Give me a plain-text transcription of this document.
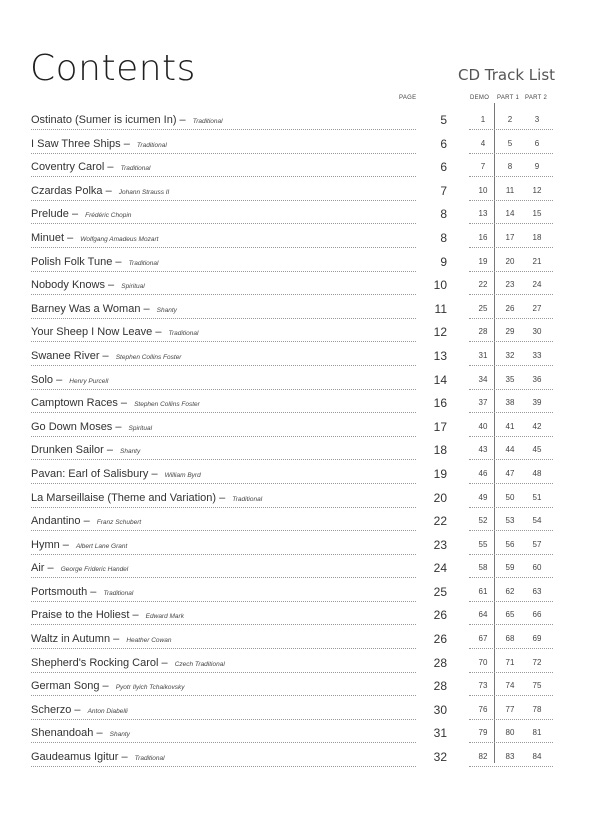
Contents	CD Track List
PAGE	DEMO PART 1 PART 2
Ostinato (Sumer is icumen In) – Traditional	5	1	2	3
I Saw Three Ships – Traditional	6	4	5	6
Coventry Carol – Traditional	6	7	8	9
Czardas Polka – Johann Strauss II	7	10	11	12
Prelude – Frédéric Chopin	8	13	14	15
Minuet – Wolfgang Amadeus Mozart	8	16	17	18
Polish Folk Tune – Traditional	9	19	20	21
Nobody Knows – Spiritual	10	22	23	24
Barney Was a Woman – Shanty	11	25	26	27
Your Sheep I Now Leave – Traditional	12	28	29	30
Swanee River – Stephen Collins Foster	13	31	32	33
Solo – Henry Purcell	14	34	35	36
Camptown Races – Stephen Collins Foster	16	37	38	39
Go Down Moses – Spiritual	17	40	41	42
Drunken Sailor – Shanty	18	43	44	45
Pavan: Earl of Salisbury – William Byrd	19	46	47	48
La Marseillaise (Theme and Variation) – Traditional	20	49	50	51
Andantino – Franz Schubert	22	52	53	54
Hymn – Albert Lane Grant	23	55	56	57
Air – George Frideric Handel	24	58	59	60
Portsmouth – Traditional	25	61	62	63
Praise to the Holiest – Edward Mark	26	64	65	66
Waltz in Autumn – Heather Cowan	26	67	68	69
Shepherd's Rocking Carol – Czech Traditional	28	70	71	72
German Song – Pyotr Ilyich Tchaikovsky	28	73	74	75
Scherzo – Anton Diabelli	30	76	77	78
Shenandoah – Shanty	31	79	80	81
Gaudeamus Igitur – Traditional	32	82	83	84
